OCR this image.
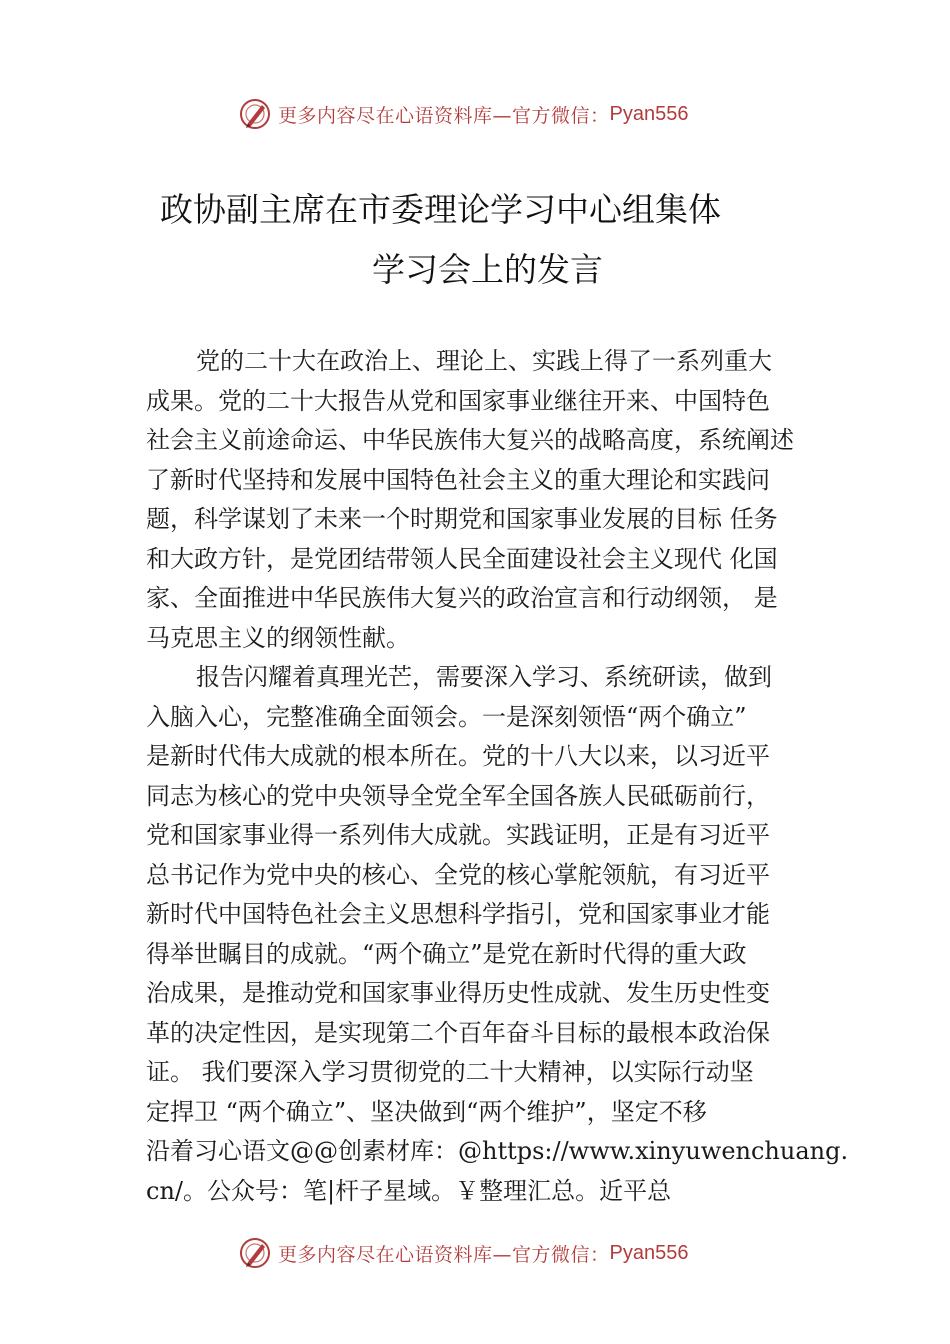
更多内容尽在心语资料库—官方微信： Pyan556
政协副主席在市委理论学习中心组集体
学习会上的发言
党的二十大在政治上、理论上、实践上得了一系列重大
成果。党的二十大报告从党和国家事业继往开来、中国特色
社会主义前途命运、中华民族伟大复兴的战略高度，系统阐述
了新时代坚持和发展中国特色社会主义的重大理论和实践问
题，科学谋划了未来一个时期党和国家事业发展的目标 任务
和大政方针，是党团结带领人民全面建设社会主义现代 化国
家、全面推进中华民族伟大复兴的政治宣言和行动纲领， 是
马克思主义的纲领性献。
报告闪耀着真理光芒，需要深入学习、系统研读，做到
入脑入心，完整准确全面领会。一是深刻领悟“两个确立”
是新时代伟大成就的根本所在。党的十八大以来，以习近平
同志为核心的党中央领导全党全军全国各族人民砥砺前行，
党和国家事业得一系列伟大成就。实践证明，正是有习近平
总书记作为党中央的核心、全党的核心掌舵领航，有习近平
新时代中国特色社会主义思想科学指引，党和国家事业才能
得举世瞩目的成就。“两个确立”是党在新时代得的重大政
治成果，是推动党和国家事业得历史性成就、发生历史性变
革的决定性因，是实现第二个百年奋斗目标的最根本政治保
证。 我们要深入学习贯彻党的二十大精神，以实际行动坚
定捍卫 “两个确立”、坚决做到“两个维护”，坚定不移
沿着习心语文@@创素材库：@https://www.xinyuwenchuang.
cn/。公众号：笔|杆子星域。￥整理汇总。近平总
更多内容尽在心语资料库—官方微信： Pyan556
